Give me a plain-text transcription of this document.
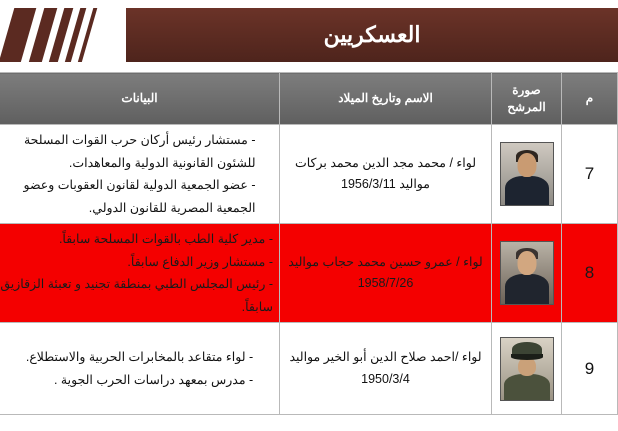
العسكريين
م	صورة المرشح	الاسم وتاريخ الميلاد	البيانات
7		لواء / محمد مجد الدين محمد بركات مواليد 1956/3/11	- مستشار رئيس أركان حرب القوات المسلحة
للشئون القانونية الدولية والمعاهدات.
- عضو الجمعية الدولية لقانون العقوبات وعضو
الجمعية المصرية للقانون الدولي.

8		لواء / عمرو حسين محمد حجاب مواليد 1958/7/26	- مدير كلية الطب بالقوات المسلحة سابقاً.
- مستشار وزير الدفاع سابقاً.
- رئيس المجلس الطبي بمنطقة تجنيد و تعبئة الزقازيق
سابقاً.

9		لواء /احمد صلاح الدين أبو الخير مواليد 1950/3/4	- لواء متقاعد بالمخابرات الحربية والاستطلاع.
- مدرس بمعهد دراسات الحرب الجوية .
